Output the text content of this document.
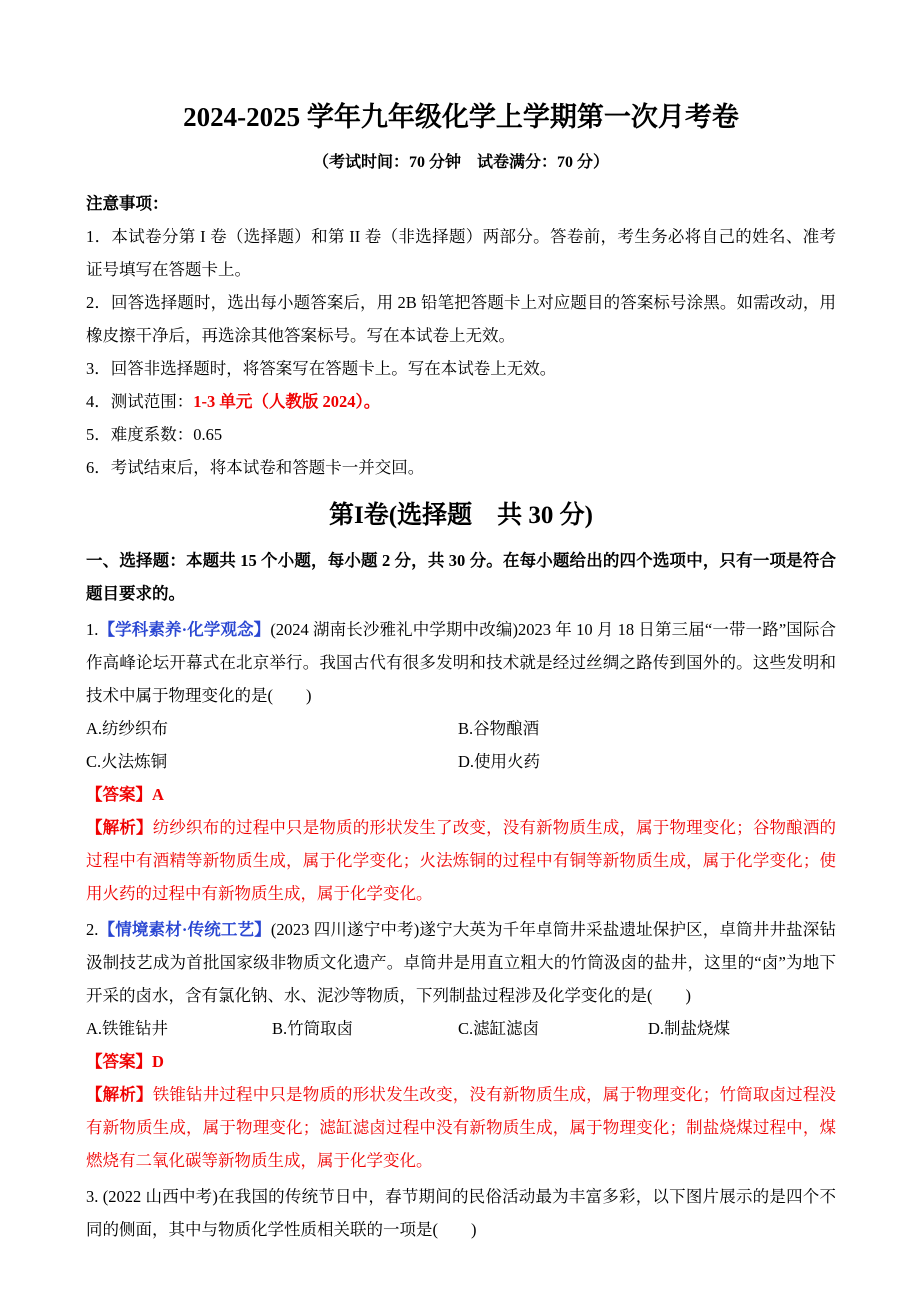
2024-2025 学年九年级化学上学期第一次月考卷
（考试时间：70 分钟　试卷满分：70 分）
注意事项：

1．本试卷分第 I 卷（选择题）和第 II 卷（非选择题）两部分。答卷前，考生务必将自己的姓名、准考证号填写在答题卡上。

2．回答选择题时，选出每小题答案后，用 2B 铅笔把答题卡上对应题目的答案标号涂黑。如需改动，用橡皮擦干净后，再选涂其他答案标号。写在本试卷上无效。

3．回答非选择题时，将答案写在答题卡上。写在本试卷上无效。

4．测试范围：1-3 单元（人教版 2024）。

5．难度系数：0.65

6．考试结束后，将本试卷和答题卡一并交回。

第I卷(选择题　共 30 分)

一、选择题：本题共 15 个小题，每小题 2 分，共 30 分。在每小题给出的四个选项中，只有一项是符合题目要求的。

1.【学科素养·化学观念】(2024 湖南长沙雅礼中学期中改编)2023 年 10 月 18 日第三届“一带一路”国际合作高峰论坛开幕式在北京举行。我国古代有很多发明和技术就是经过丝绸之路传到国外的。这些发明和技术中属于物理变化的是(　　)

A.纺纱织布	B.谷物酿酒
C.火法炼铜	D.使用火药

【答案】A

【解析】纺纱织布的过程中只是物质的形状发生了改变，没有新物质生成，属于物理变化；谷物酿酒的过程中有酒精等新物质生成，属于化学变化；火法炼铜的过程中有铜等新物质生成，属于化学变化；使用火药的过程中有新物质生成，属于化学变化。

2.【情境素材·传统工艺】(2023 四川遂宁中考)遂宁大英为千年卓筒井采盐遗址保护区，卓筒井井盐深钻汲制技艺成为首批国家级非物质文化遗产。卓筒井是用直立粗大的竹筒汲卤的盐井，这里的“卤”为地下开采的卤水，含有氯化钠、水、泥沙等物质，下列制盐过程涉及化学变化的是(　　)

A.铁锥钻井	B.竹筒取卤	C.滤缸滤卤	D.制盐烧煤

【答案】D

【解析】铁锥钻井过程中只是物质的形状发生改变，没有新物质生成，属于物理变化；竹筒取卤过程没有新物质生成，属于物理变化；滤缸滤卤过程中没有新物质生成，属于物理变化；制盐烧煤过程中，煤燃烧有二氧化碳等新物质生成，属于化学变化。

3. (2022 山西中考)在我国的传统节日中，春节期间的民俗活动最为丰富多彩，以下图片展示的是四个不同的侧面，其中与物质化学性质相关联的一项是(　　)
